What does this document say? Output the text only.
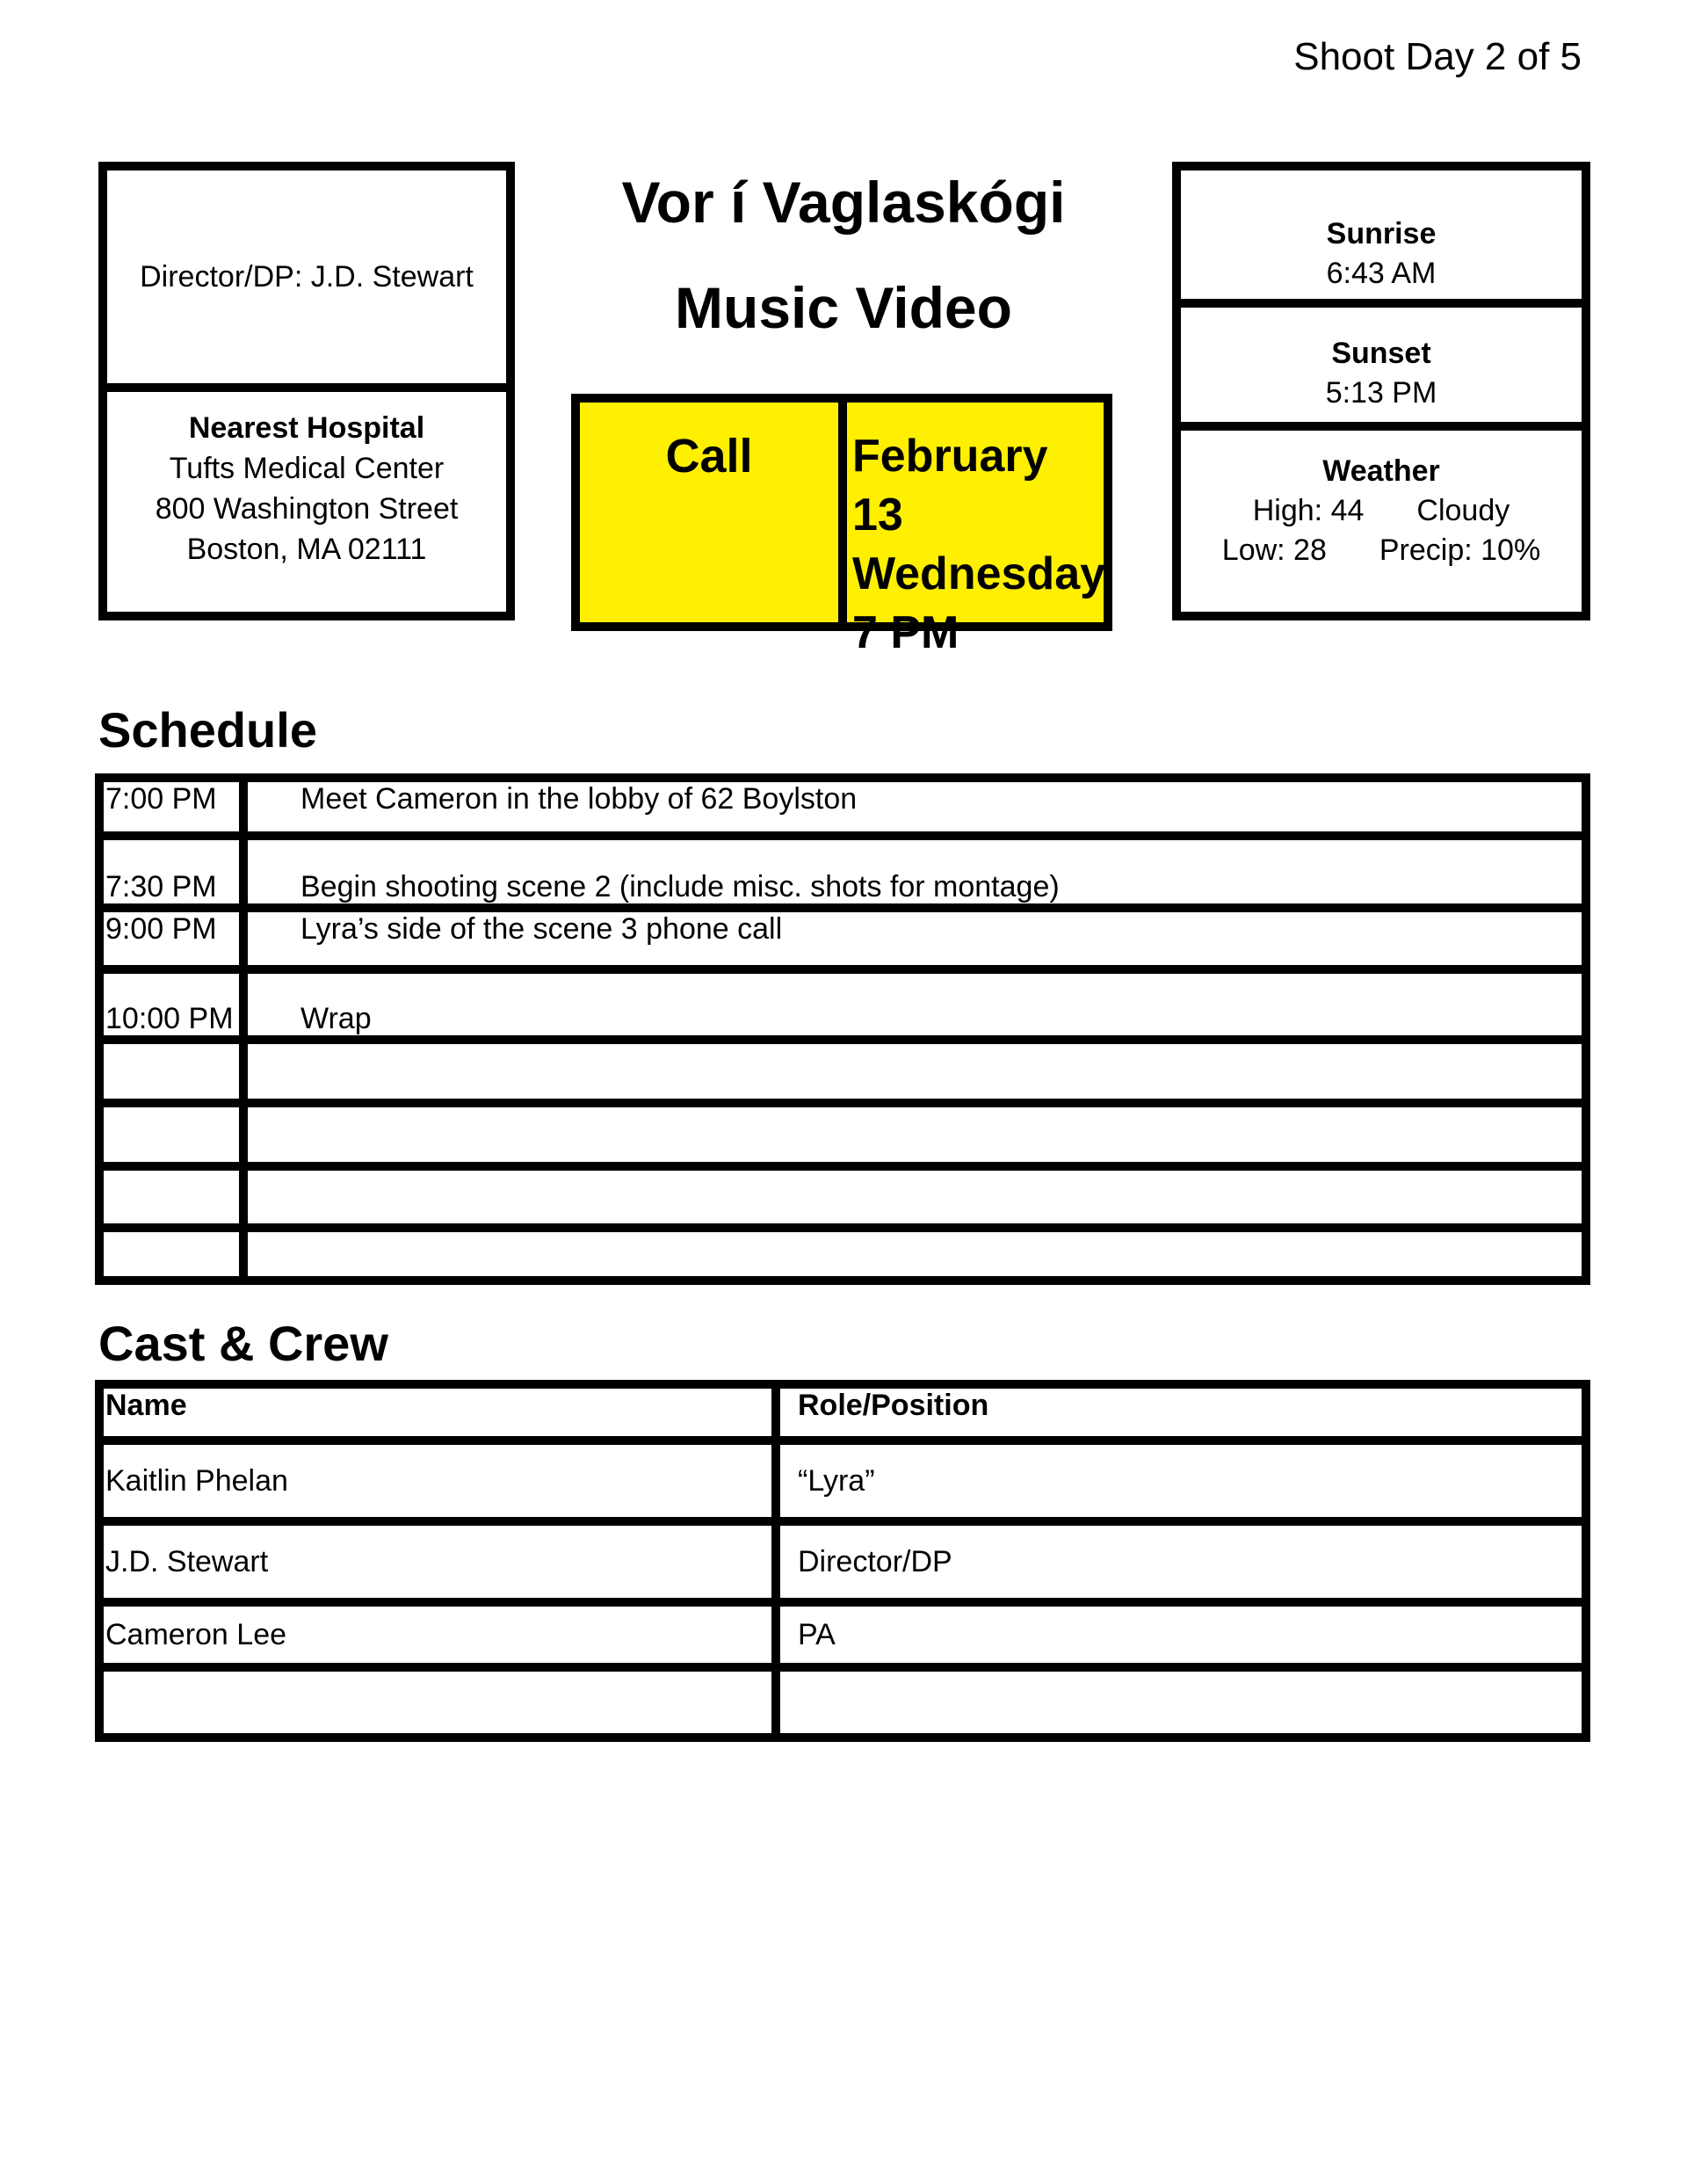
Shoot Day 2 of 5
Director/DP: J.D. Stewart
Nearest Hospital
Tufts Medical Center
800 Washington Street
Boston, MA 02111
Vor í Vaglaskógi
Music Video
Call	February 13
Wednesday
7 PM
Sunrise
6:43 AM
Sunset
5:13 PM
Weather
High: 44 Cloudy
Low: 28 Precip: 10%
Schedule
7:00 PM	Meet Cameron in the lobby of 62 Boylston
7:30 PM	Begin shooting scene 2 (include misc. shots for montage)
9:00 PM	Lyra’s side of the scene 3 phone call
10:00 PM	Wrap

Cast & Crew
Name	Role/Position
Kaitlin Phelan	“Lyra”
J.D. Stewart	Director/DP
Cameron Lee	PA
